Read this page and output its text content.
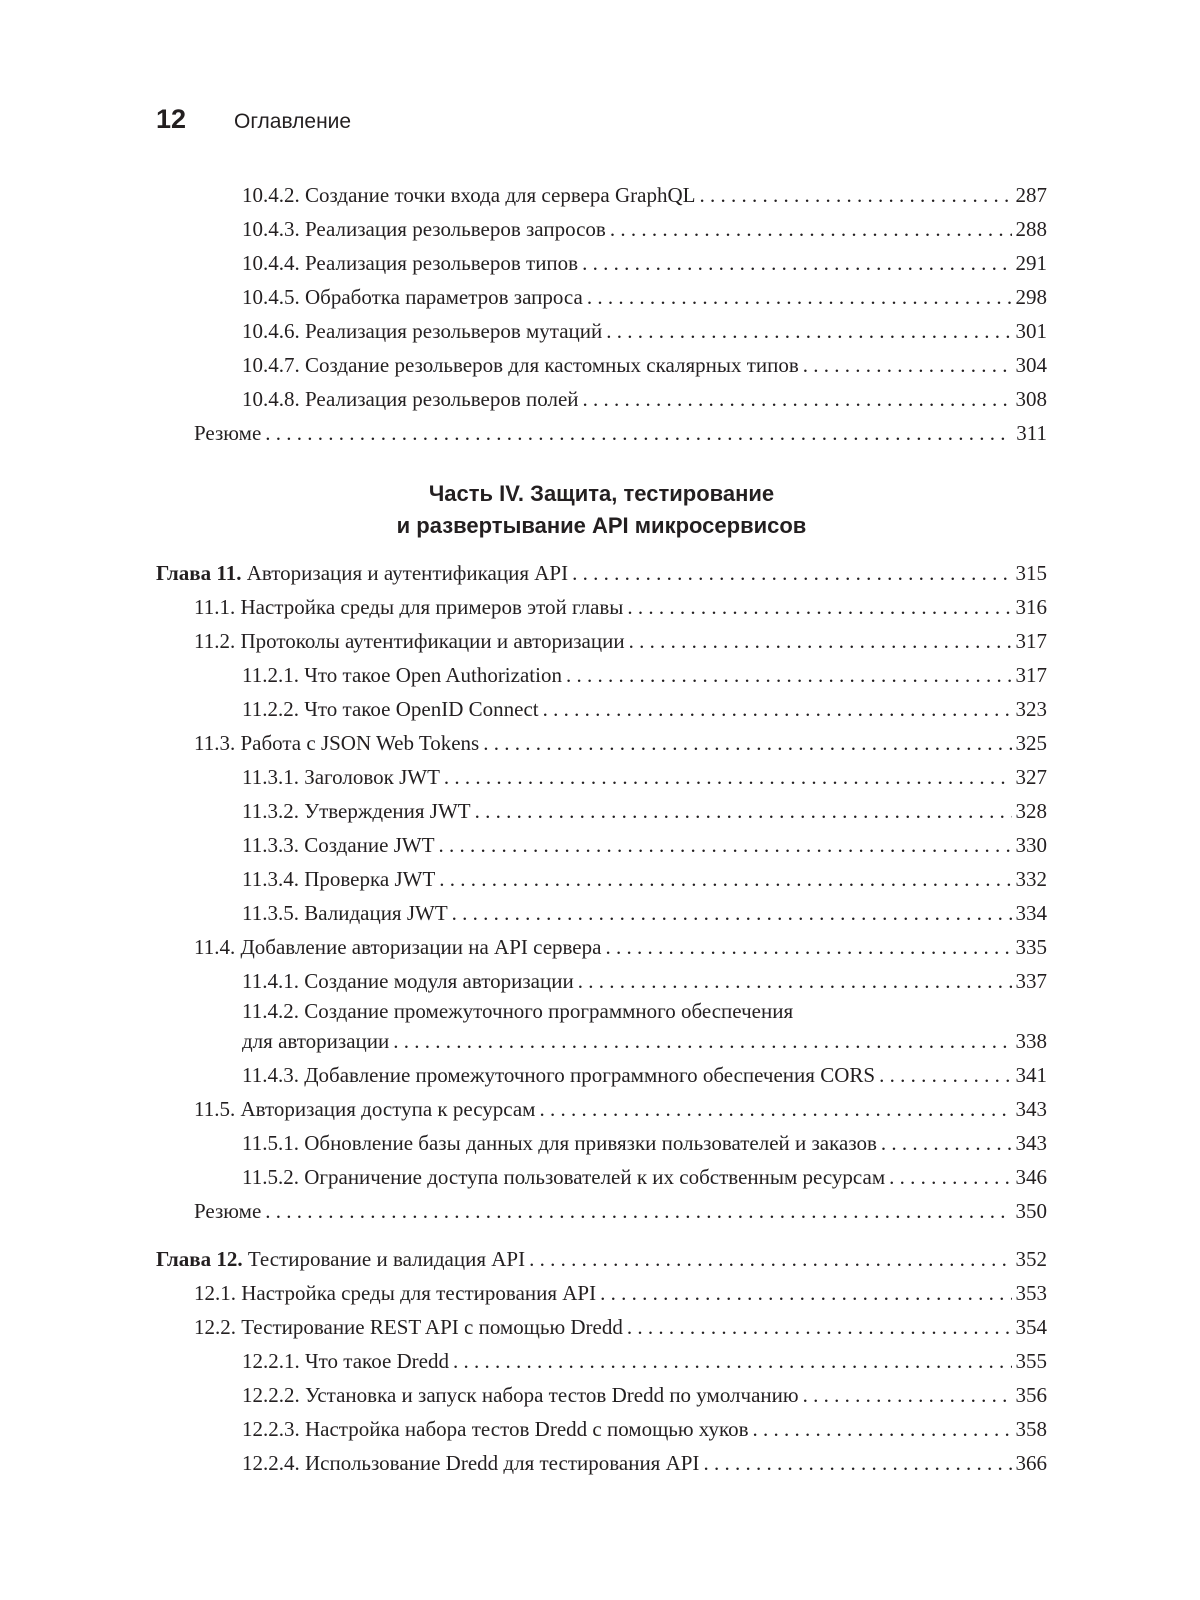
12	Оглавление
10.4.2. Создание точки входа для сервера GraphQL . . .	287
10.4.3. Реализация резольверов запросов . . .	288
10.4.4. Реализация резольверов типов . . .	291
10.4.5. Обработка параметров запроса . . .	298
10.4.6. Реализация резольверов мутаций . . .	301
10.4.7. Создание резольверов для кастомных скалярных типов . . .	304
10.4.8. Реализация резольверов полей . . .	308
Резюме . . .	311
Часть IV. Защита, тестирование
и развертывание API микросервисов
Глава 11. Авторизация и аутентификация API . . .	315
11.1. Настройка среды для примеров этой главы . . .	316
11.2. Протоколы аутентификации и авторизации . . .	317
11.2.1. Что такое Open Authorization . . .	317
11.2.2. Что такое OpenID Connect . . .	323
11.3. Работа с JSON Web Tokens . . .	325
11.3.1. Заголовок JWT . . .	327
11.3.2. Утверждения JWT . . .	328
11.3.3. Создание JWT . . .	330
11.3.4. Проверка JWT . . .	332
11.3.5. Валидация JWT . . .	334
11.4. Добавление авторизации на API сервера . . .	335
11.4.1. Создание модуля авторизации . . .	337
11.4.2. Создание промежуточного программного обеспечения
для авторизации . . .	338
11.4.3. Добавление промежуточного программного обеспечения CORS . . .	341
11.5. Авторизация доступа к ресурсам . . .	343
11.5.1. Обновление базы данных для привязки пользователей и заказов . . .	343
11.5.2. Ограничение доступа пользователей к их собственным ресурсам . . .	346
Резюме . . .	350
Глава 12. Тестирование и валидация API . . .	352
12.1. Настройка среды для тестирования API . . .	353
12.2. Тестирование REST API с помощью Dredd . . .	354
12.2.1. Что такое Dredd . . .	355
12.2.2. Установка и запуск набора тестов Dredd по умолчанию . . .	356
12.2.3. Настройка набора тестов Dredd с помощью хуков . . .	358
12.2.4. Использование Dredd для тестирования API . . .	366
